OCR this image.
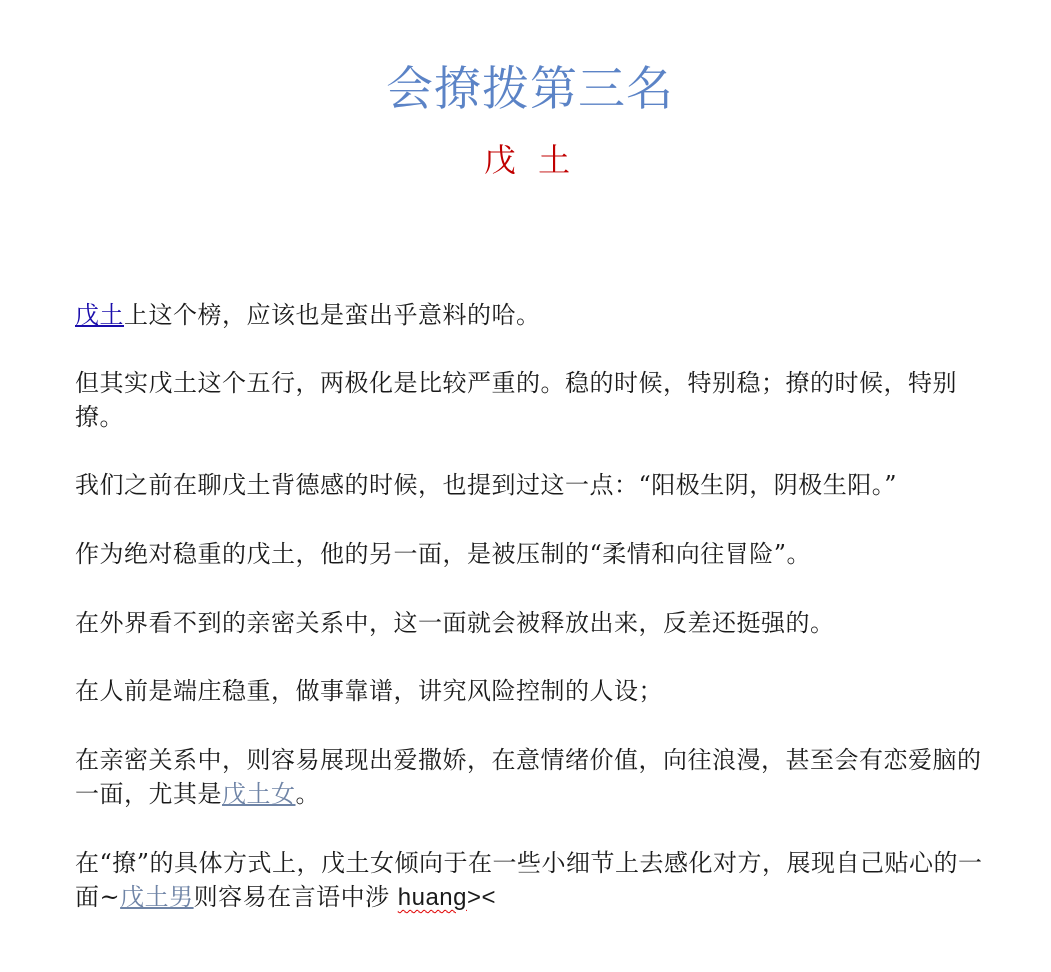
会撩拨第三名
戊 土

戊土上这个榜，应该也是蛮出乎意料的哈。

但其实戊土这个五行，两极化是比较严重的。稳的时候，特别稳；撩的时候，特别撩。

我们之前在聊戊土背德感的时候，也提到过这一点：“阳极生阴，阴极生阳。”

作为绝对稳重的戊土，他的另一面，是被压制的“柔情和向往冒险”。

在外界看不到的亲密关系中，这一面就会被释放出来，反差还挺强的。

在人前是端庄稳重，做事靠谱，讲究风险控制的人设；

在亲密关系中，则容易展现出爱撒娇，在意情绪价值，向往浪漫，甚至会有恋爱脑的一面，尤其是戊土女。

在“撩”的具体方式上，戊土女倾向于在一些小细节上去感化对方，展现自己贴心的一面~戊土男则容易在言语中涉 huang><
